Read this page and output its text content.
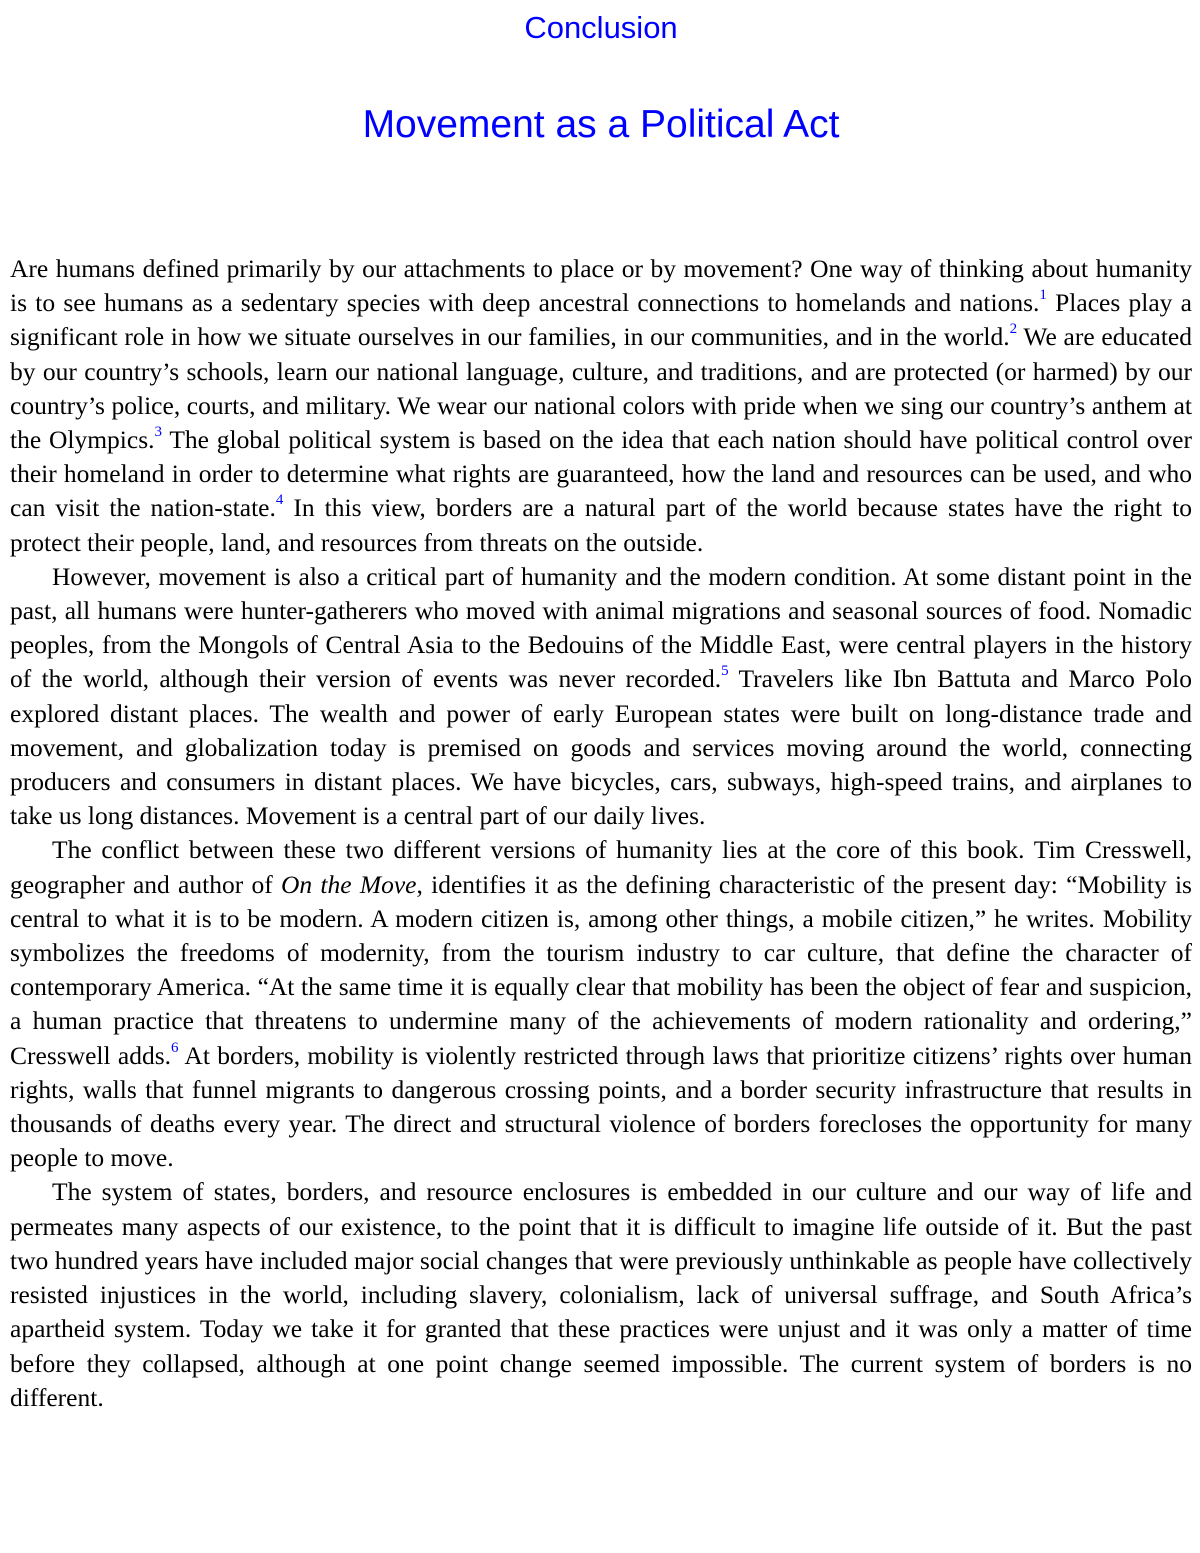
Conclusion
Movement as a Political Act

Are humans defined primarily by our attachments to place or by movement? One way of thinking about humanity is to see humans as a sedentary species with deep ancestral connections to homelands and nations.$^1$ Places play a significant role in how we situate ourselves in our families, in our communities, and in the world.$^2$ We are educated by our country’s schools, learn our national language, culture, and traditions, and are protected (or harmed) by our country’s police, courts, and military. We wear our national colors with pride when we sing our country’s anthem at the Olympics.$^3$ The global political system is based on the idea that each nation should have political control over their homeland in order to determine what rights are guaranteed, how the land and resources can be used, and who can visit the nation-state.$^4$ In this view, borders are a natural part of the world because states have the right to protect their people, land, and resources from threats on the outside.

However, movement is also a critical part of humanity and the modern condition. At some distant point in the past, all humans were hunter-gatherers who moved with animal migrations and seasonal sources of food. Nomadic peoples, from the Mongols of Central Asia to the Bedouins of the Middle East, were central players in the history of the world, although their version of events was never recorded.$^5$ Travelers like Ibn Battuta and Marco Polo explored distant places. The wealth and power of early European states were built on long-distance trade and movement, and globalization today is premised on goods and services moving around the world, connecting producers and consumers in distant places. We have bicycles, cars, subways, high-speed trains, and airplanes to take us long distances. Movement is a central part of our daily lives.

The conflict between these two different versions of humanity lies at the core of this book. Tim Cresswell, geographer and author of On the Move, identifies it as the defining characteristic of the present day: “Mobility is central to what it is to be modern. A modern citizen is, among other things, a mobile citizen,” he writes. Mobility symbolizes the freedoms of modernity, from the tourism industry to car culture, that define the character of contemporary America. “At the same time it is equally clear that mobility has been the object of fear and suspicion, a human practice that threatens to undermine many of the achievements of modern rationality and ordering,” Cresswell adds.$^6$ At borders, mobility is violently restricted through laws that prioritize citizens’ rights over human rights, walls that funnel migrants to dangerous crossing points, and a border security infrastructure that results in thousands of deaths every year. The direct and structural violence of borders forecloses the opportunity for many people to move.

The system of states, borders, and resource enclosures is embedded in our culture and our way of life and permeates many aspects of our existence, to the point that it is difficult to imagine life outside of it. But the past two hundred years have included major social changes that were previously unthinkable as people have collectively resisted injustices in the world, including slavery, colonialism, lack of universal suffrage, and South Africa’s apartheid system. Today we take it for granted that these practices were unjust and it was only a matter of time before they collapsed, although at one point change seemed impossible. The current system of borders is no different.
